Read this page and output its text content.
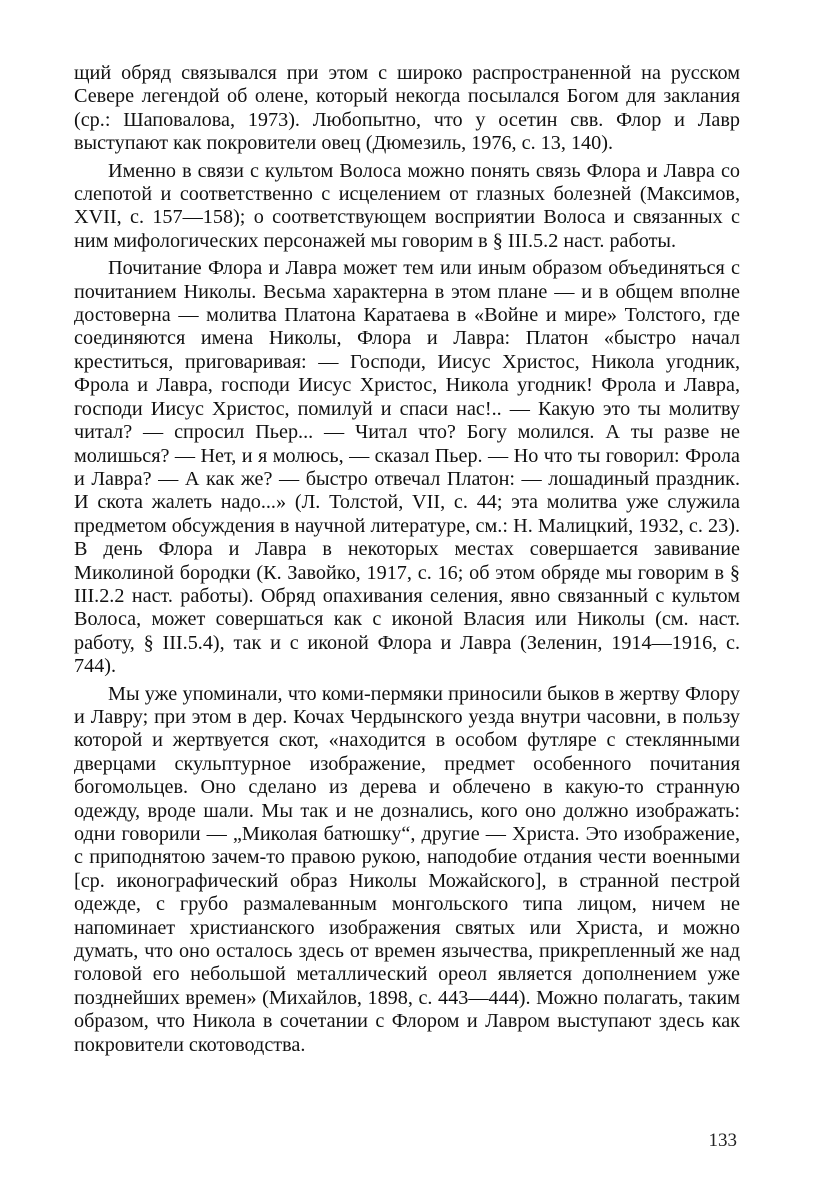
щий обряд связывался при этом с широко распространенной на русском Севере легендой об олене, который некогда посылался Богом для заклания (ср.: Шаповалова, 1973). Любопытно, что у осетин свв. Флор и Лавр выступают как покровители овец (Дюмезиль, 1976, с. 13, 140).

Именно в связи с культом Волоса можно понять связь Флора и Лавра со слепотой и соответственно с исцелением от глазных болезней (Максимов, XVII, с. 157—158); о соответствующем восприятии Волоса и связанных с ним мифологических персонажей мы говорим в § III.5.2 наст. работы.

Почитание Флора и Лавра может тем или иным образом объединяться с почитанием Николы. Весьма характерна в этом плане — и в общем вполне достоверна — молитва Платона Каратаева в «Войне и мире» Толстого, где соединяются имена Николы, Флора и Лавра: Платон «быстро начал креститься, приговаривая: — Господи, Иисус Христос, Никола угодник, Фрола и Лавра, господи Иисус Христос, Никола угодник! Фрола и Лавра, господи Иисус Христос, помилуй и спаси нас!.. — Какую это ты молитву читал? — спросил Пьер... — Читал что? Богу молился. А ты разве не молишься? — Нет, и я молюсь, — сказал Пьер. — Но что ты говорил: Фрола и Лавра? — А как же? — быстро отвечал Платон: — лошадиный праздник. И скота жалеть надо...» (Л. Толстой, VII, с. 44; эта молитва уже служила предметом обсуждения в научной литературе, см.: Н. Малицкий, 1932, с. 23). В день Флора и Лавра в некоторых местах совершается завивание Миколиной бородки (К. Завойко, 1917, с. 16; об этом обряде мы говорим в § III.2.2 наст. работы). Обряд опахивания селения, явно связанный с культом Волоса, может совершаться как с иконой Власия или Николы (см. наст. работу, § III.5.4), так и с иконой Флора и Лавра (Зеленин, 1914—1916, с. 744).

Мы уже упоминали, что коми-пермяки приносили быков в жертву Флору и Лавру; при этом в дер. Кочах Чердынского уезда внутри часовни, в пользу которой и жертвуется скот, «находится в особом футляре с стеклянными дверцами скульптурное изображение, предмет особенного почитания богомольцев. Оно сделано из дерева и облечено в какую-то странную одежду, вроде шали. Мы так и не дознались, кого оно должно изображать: одни говорили — „Миколая батюшку“, другие — Христа. Это изображение, с приподнятою зачем-то правою рукою, наподобие отдания чести военными [ср. иконографический образ Николы Можайского], в странной пестрой одежде, с грубо размалеванным монгольского типа лицом, ничем не напоминает христианского изображения святых или Христа, и можно думать, что оно осталось здесь от времен язычества, прикрепленный же над головой его небольшой металлический ореол является дополнением уже позднейших времен» (Михайлов, 1898, с. 443—444). Можно полагать, таким образом, что Никола в сочетании с Флором и Лавром выступают здесь как покровители скотоводства.

133
